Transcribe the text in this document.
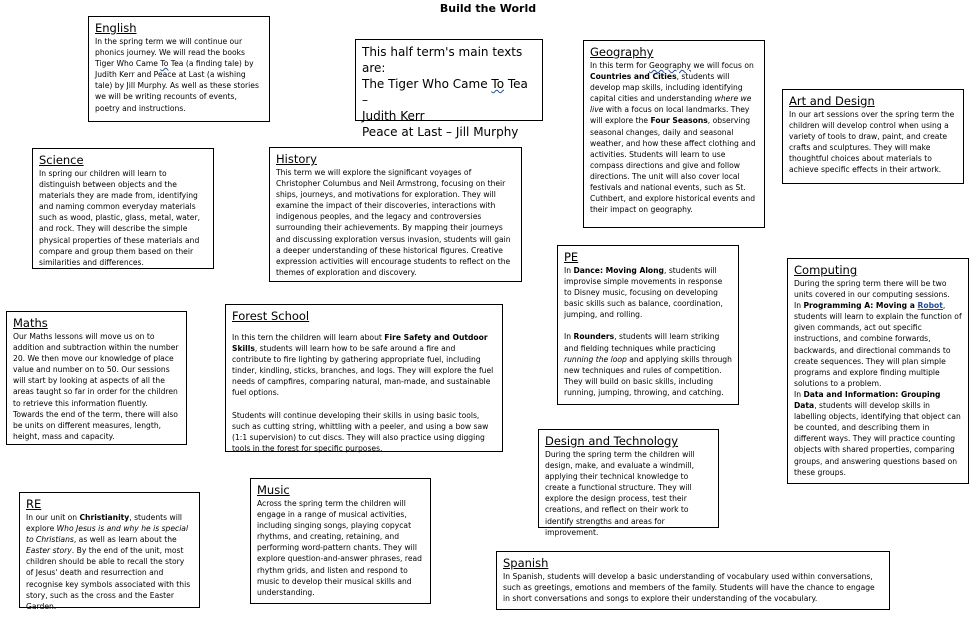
Build the World
English

In the spring term we will continue our phonics journey. We will read the books Tiger Who Came To Tea (a finding tale) by Judith Kerr and Peace at Last (a wishing tale) by Jill Murphy. As well as these stories we will be writing recounts of events, poetry and instructions.

This half term's main texts are:

The Tiger Who Came To Tea –

Judith Kerr

Peace at Last – Jill Murphy

Geography

In this term for Geography we will focus on Countries and Cities, students will develop map skills, including identifying capital cities and understanding where we live with a focus on local landmarks. They will explore the Four Seasons, observing seasonal changes, daily and seasonal weather, and how these affect clothing and activities. Students will learn to use compass directions and give and follow directions. The unit will also cover local festivals and national events, such as St. Cuthbert, and explore historical events and their impact on geography.

Art and Design

In our art sessions over the spring term the children will develop control when using a variety of tools to draw, paint, and create crafts and sculptures. They will make thoughtful choices about materials to achieve specific effects in their artwork.

Science

In spring our children will learn to distinguish between objects and the materials they are made from, identifying and naming common everyday materials such as wood, plastic, glass, metal, water, and rock. They will describe the simple physical properties of these materials and compare and group them based on their similarities and differences.

History

This term we will explore the significant voyages of Christopher Columbus and Neil Armstrong, focusing on their ships, journeys, and motivations for exploration. They will examine the impact of their discoveries, interactions with indigenous peoples, and the legacy and controversies surrounding their achievements. By mapping their journeys and discussing exploration versus invasion, students will gain a deeper understanding of these historical figures. Creative expression activities will encourage students to reflect on the themes of exploration and discovery.

PE

In Dance: Moving Along, students will improvise simple movements in response to Disney music, focusing on developing basic skills such as balance, coordination, jumping, and rolling.

In Rounders, students will learn striking and fielding techniques while practicing running the loop and applying skills through new techniques and rules of competition. They will build on basic skills, including running, jumping, throwing, and catching.

Computing

During the spring term there will be two units covered in our computing sessions.

In Programming A: Moving a Robot, students will learn to explain the function of given commands, act out specific instructions, and combine forwards, backwards, and directional commands to create sequences. They will plan simple programs and explore finding multiple solutions to a problem.

In Data and Information: Grouping Data, students will develop skills in labelling objects, identifying that object can be counted, and describing them in different ways. They will practice counting objects with shared properties, comparing groups, and answering questions based on these groups.

Maths

Our Maths lessons will move us on to addition and subtraction within the number 20. We then move our knowledge of place value and number on to 50. Our sessions will start by looking at aspects of all the areas taught so far in order for the children to retrieve this information fluently. Towards the end of the term, there will also be units on different measures, length, height, mass and capacity.

Forest School

In this tern the children will learn about Fire Safety and Outdoor Skills, students will learn how to be safe around a fire and contribute to fire lighting by gathering appropriate fuel, including tinder, kindling, sticks, branches, and logs. They will explore the fuel needs of campfires, comparing natural, man-made, and sustainable fuel options.

Students will continue developing their skills in using basic tools, such as cutting string, whittling with a peeler, and using a bow saw (1:1 supervision) to cut discs. They will also practice using digging tools in the forest for specific purposes.

Design and Technology

During the spring term the children will design, make, and evaluate a windmill, applying their technical knowledge to create a functional structure. They will explore the design process, test their creations, and reflect on their work to identify strengths and areas for improvement.

RE

In our unit on Christianity, students will explore Who Jesus is and why he is special to Christians, as well as learn about the Easter story. By the end of the unit, most children should be able to recall the story of Jesus' death and resurrection and recognise key symbols associated with this story, such as the cross and the Easter Garden.

Music

Across the spring term the children will engage in a range of musical activities, including singing songs, playing copycat rhythms, and creating, retaining, and performing word-pattern chants. They will explore question-and-answer phrases, read rhythm grids, and listen and respond to music to develop their musical skills and understanding.

Spanish

In Spanish, students will develop a basic understanding of vocabulary used within conversations, such as greetings, emotions and members of the family. Students will have the chance to engage in short conversations and songs to explore their understanding of the vocabulary.
